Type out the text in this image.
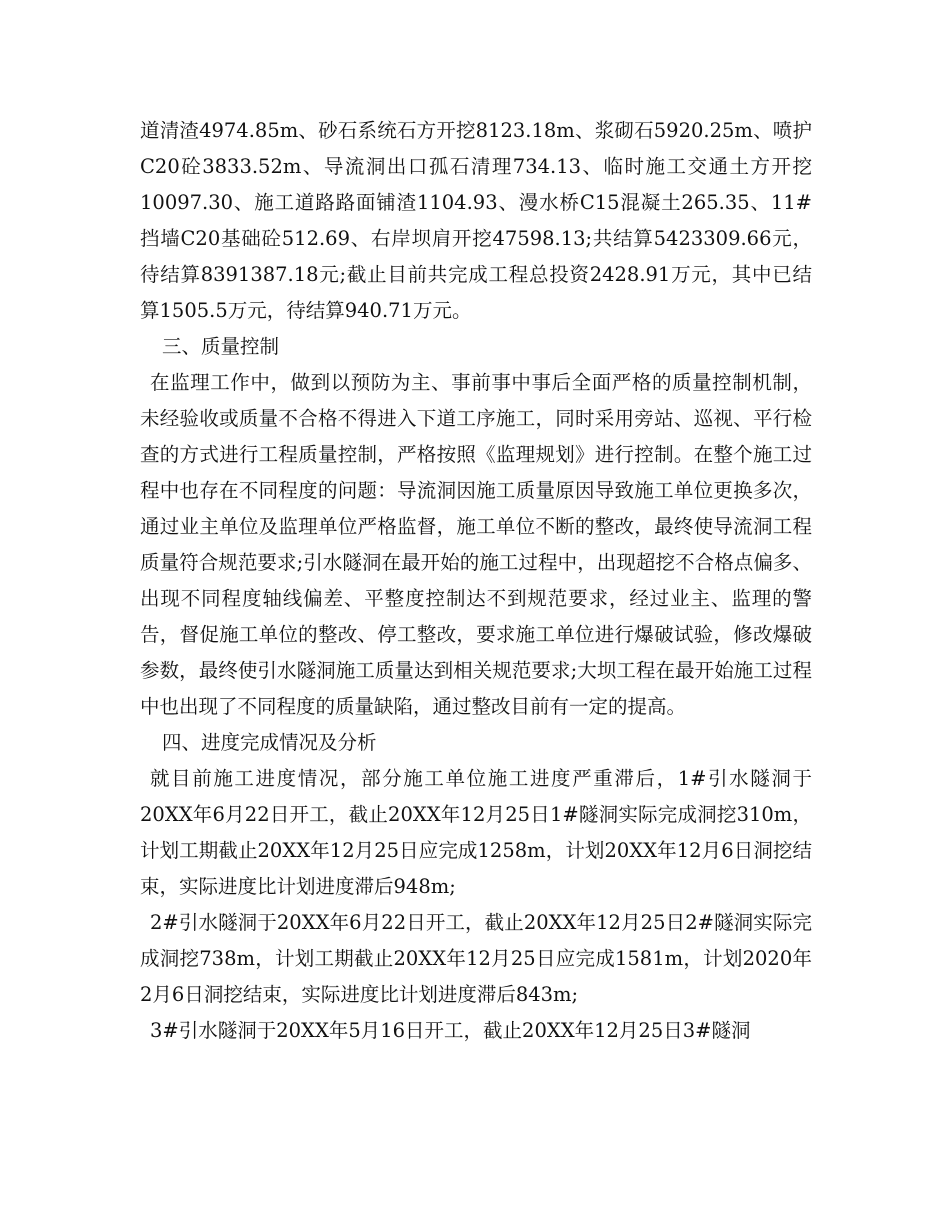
道清渣4974.85m、砂石系统石方开挖8123.18m、浆砌石5920.25m、喷护C20砼3833.52m、导流洞出口孤石清理734.13、临时施工交通土方开挖10097.30、施工道路路面铺渣1104.93、漫水桥C15混凝土265.35、11#挡墙C20基础砼512.69、右岸坝肩开挖47598.13;共结算5423309.66元，待结算8391387.18元;截止目前共完成工程总投资2428.91万元，其中已结算1505.5万元，待结算940.71万元。

三、质量控制

在监理工作中，做到以预防为主、事前事中事后全面严格的质量控制机制，未经验收或质量不合格不得进入下道工序施工，同时采用旁站、巡视、平行检查的方式进行工程质量控制，严格按照《监理规划》进行控制。在整个施工过程中也存在不同程度的问题：导流洞因施工质量原因导致施工单位更换多次，通过业主单位及监理单位严格监督，施工单位不断的整改，最终使导流洞工程质量符合规范要求;引水隧洞在最开始的施工过程中，出现超挖不合格点偏多、出现不同程度轴线偏差、平整度控制达不到规范要求，经过业主、监理的警告，督促施工单位的整改、停工整改，要求施工单位进行爆破试验，修改爆破参数，最终使引水隧洞施工质量达到相关规范要求;大坝工程在最开始施工过程中也出现了不同程度的质量缺陷，通过整改目前有一定的提高。

四、进度完成情况及分析

就目前施工进度情况，部分施工单位施工进度严重滞后，1#引水隧洞于20XX年6月22日开工，截止20XX年12月25日1#隧洞实际完成洞挖310m，计划工期截止20XX年12月25日应完成1258m，计划20XX年12月6日洞挖结束，实际进度比计划进度滞后948m;

2#引水隧洞于20XX年6月22日开工，截止20XX年12月25日2#隧洞实际完成洞挖738m，计划工期截止20XX年12月25日应完成1581m，计划2020年2月6日洞挖结束，实际进度比计划进度滞后843m;

3#引水隧洞于20XX年5月16日开工，截止20XX年12月25日3#隧洞
